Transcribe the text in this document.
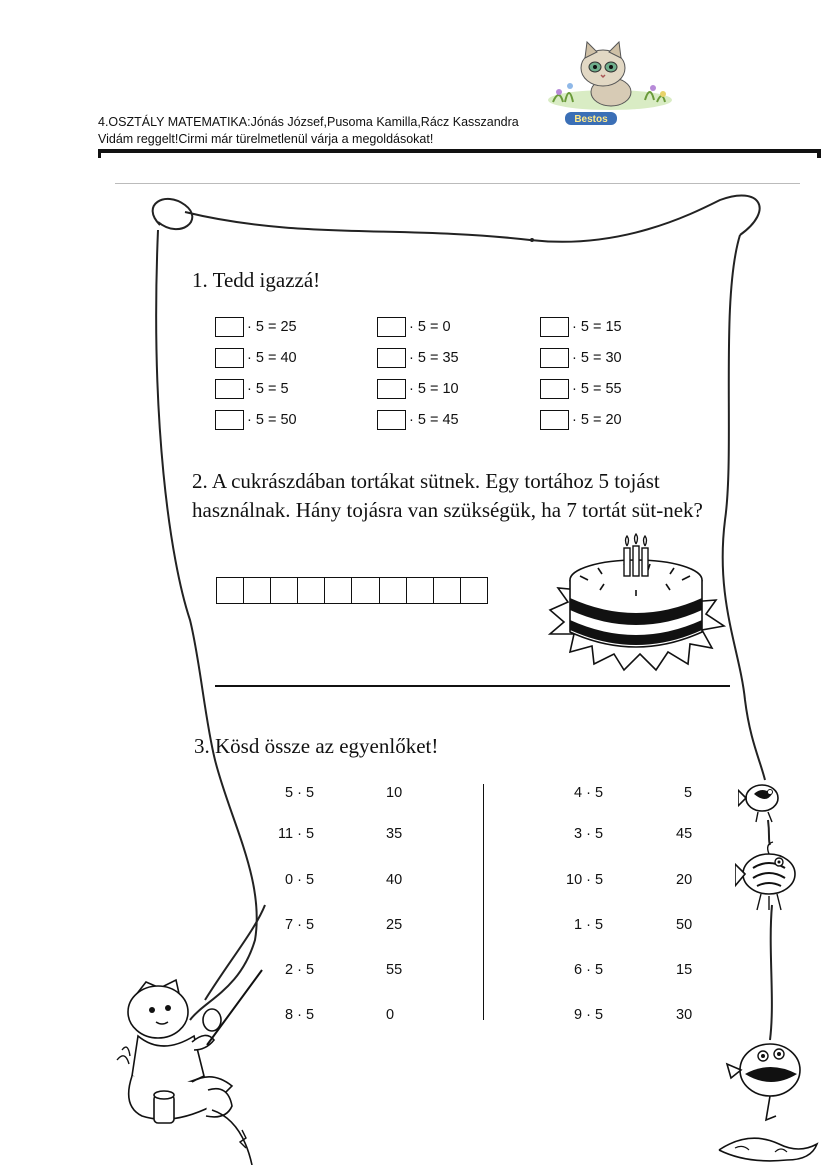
4.OSZTÁLY MATEMATIKA:Jónás József,Pusoma Kamilla,Rácz Kasszandra
Vidám reggelt!Cirmi már türelmetlenül várja a megoldásokat!
Bestos
1. Tedd igazzá!
· 5 = 25
· 5 = 40
· 5 = 5
· 5 = 50
· 5 = 0
· 5 = 35
· 5 = 10
· 5 = 45
· 5 = 15
· 5 = 30
· 5 = 55
· 5 = 20
2. A cukrászdában tortákat sütnek. Egy tortához 5 tojást használnak. Hány tojásra van szükségük, ha 7 tortát süt-nek?
3. Kösd össze az egyenlőket!
5 · 5
11 · 5
0 · 5
7 · 5
2 · 5
8 · 5
10
35
40
25
55
0
4 · 5
3 · 5
10 · 5
1 · 5
6 · 5
9 · 5
5
45
20
50
15
30
